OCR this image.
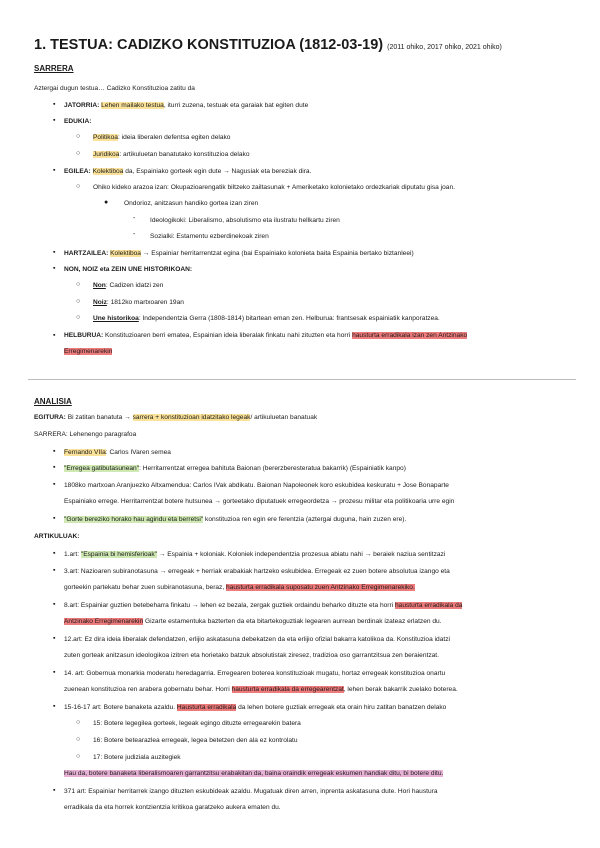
1. TESTUA: CADIZKO KONSTITUZIOA (1812-03-19) (2011 ohiko, 2017 ohiko, 2021 ohiko)
SARRERA
Aztergai dugun testua… Cadizko Konstituzioa zatitu da
▪ JATORRIA: Lehen mailako testua, iturri zuzena, testuak eta garaiak bat egiten dute
▪ EDUKIA:
○ Politikoa: ideia liberalen defentsa egiten delako
○ Juridikoa: artikuluetan banatutako konstituzioa delako
▪ EGILEA: Kolektiboa da, Espainiako gorteek egin dute → Nagusiak eta bereziak dira.
○ Ohiko kideko arazoa izan: Okupazioarengatik biltzeko zailtasunak + Ameriketako kolonietako ordezkariak diputatu gisa joan.
● Ondorioz, anitzasun handiko gortea izan ziren
- Ideologikoki: Liberalismo, absolutismo eta ilustratu hellkartu ziren
- Sozialki: Estamentu ezberdinekoak ziren
▪ HARTZAILEA: Kolektiboa → Espainiar herritarrentzat egina (bai Espainiako kolonieta baita Espainia bertako biztanleei)
▪ NON, NOIZ eta ZEIN UNE HISTORIKOAN:
○ Non: Cadizen idatzi zen
○ Noiz: 1812ko martxoaren 19an
○ Une historikoa: Independentzia Gerra (1808-1814) bitartean eman zen. Helburua: frantsesak espainiatik kanporatzea.
▪ HELBURUA: Konstituzioaren berri ematea, Espainian ideia liberalak finkatu nahi zituzten eta horri hausturta erradikala izan zen Antzinako
Erregimenarekin
ANALISIA
EGITURA: Bi zatitan banatuta → sarrera + konstituzioan idatzitako legeak/ artikuluetan banatuak
SARRERA: Lehenengo paragrafoa
▪ Fernando VIIa: Carlos IVaren semea
▪ "Erregea gatibutasunean": Herritarrentzat erregea bahituta Baionan (bererzberesteratua bakarrik) (Espainiatik kanpo)
▪ 1808ko martxoan Aranjuezko Altxamendua: Carlos IVak abdikatu. Baionan Napoleonek koro eskubidea keskuratu + Jose Bonaparte
Espainiako errege. Herritarrentzat botere hutsunea → gorteetako diputatuek erregeordetza → prozesu militar eta politikoaria urre egin
▪ "Gorte bereziko horako hau agindu eta berretsi" konstituzioa ren egin ere ferentzia (aztergai duguna, hain zuzen ere).
ARTIKULUAK:
▪ 1.art: "Espainia bi hemisferioak" → Espainia + koloniak. Koloniek independentzia prozesua abiatu nahi → beraiek naziua sentitzazi
▪ 3.art: Nazioaren subiranotasuna → erregeak + herriak erabakiak hartzeko eskubidea. Erregeak ez zuen botere absolutua izango eta
gorteekin partekatu behar zuen subiranotasuna, beraz, hausturta erradikala suposatu zuen Antzinako Erregimenarekiko.
▪ 8.art: Espainiar guztien betebeharra finkatu → lehen ez bezala, zergak guztiek ordaindu beharko dituzte eta horri hausturta erradikala da
Antzinako Erregimenarekin Gizarte estamentuka bazterten da eta bitartekoguztiak legearen aurrean berdinak izateaz erlatzen du.
▪ 12.art: Ez dira ideia liberalak defendatzen, erlijio askatasuna debekatzen da eta erlijio ofizial bakarra katolikoa da. Konstituzioa idatzi
zuten gorteak anitzasun ideologikoa izitren eta horietako batzuk absolutistak ziresez, tradizioa oso garrantzitsua zen beraientzat.
▪ 14. art: Gobernua monarkia moderatu heredagarria. Erregearen boterea konstituzioak mugatu, hortaz erregeak konstituzioa onartu
zuenean konstituzioa ren arabera gobernatu behar. Horri hausturta erradikala da erregearentzat, lehen berak bakarrik zuelako boterea.
▪ 15-16-17 art: Botere banaketa azaldu. Hausturta erradikala da lehen botere guztiak erregeak eta orain hiru zatitan banatzen delako
○ 15: Botere legegilea gorteek, legeak egingo dituzte erregearekin batera
○ 16: Botere betearazlea erregeak, legea betetzen den ala ez kontrolatu
○ 17: Botere judiziala auzitegiek
Hau da, botere banaketa liberalismoaren garrantzitsu erabakitan da, baina oraindik erregeak eskumen handiak ditu, bi botere ditu.
▪ 371 art: Espainiar herritarrek izango dituzten eskubideak azaldu. Mugatuak diren arren, inprenta askatasuna dute. Hori haustura
erradikala da eta horrek kontzientzia kritikoa garatzeko aukera ematen du.
